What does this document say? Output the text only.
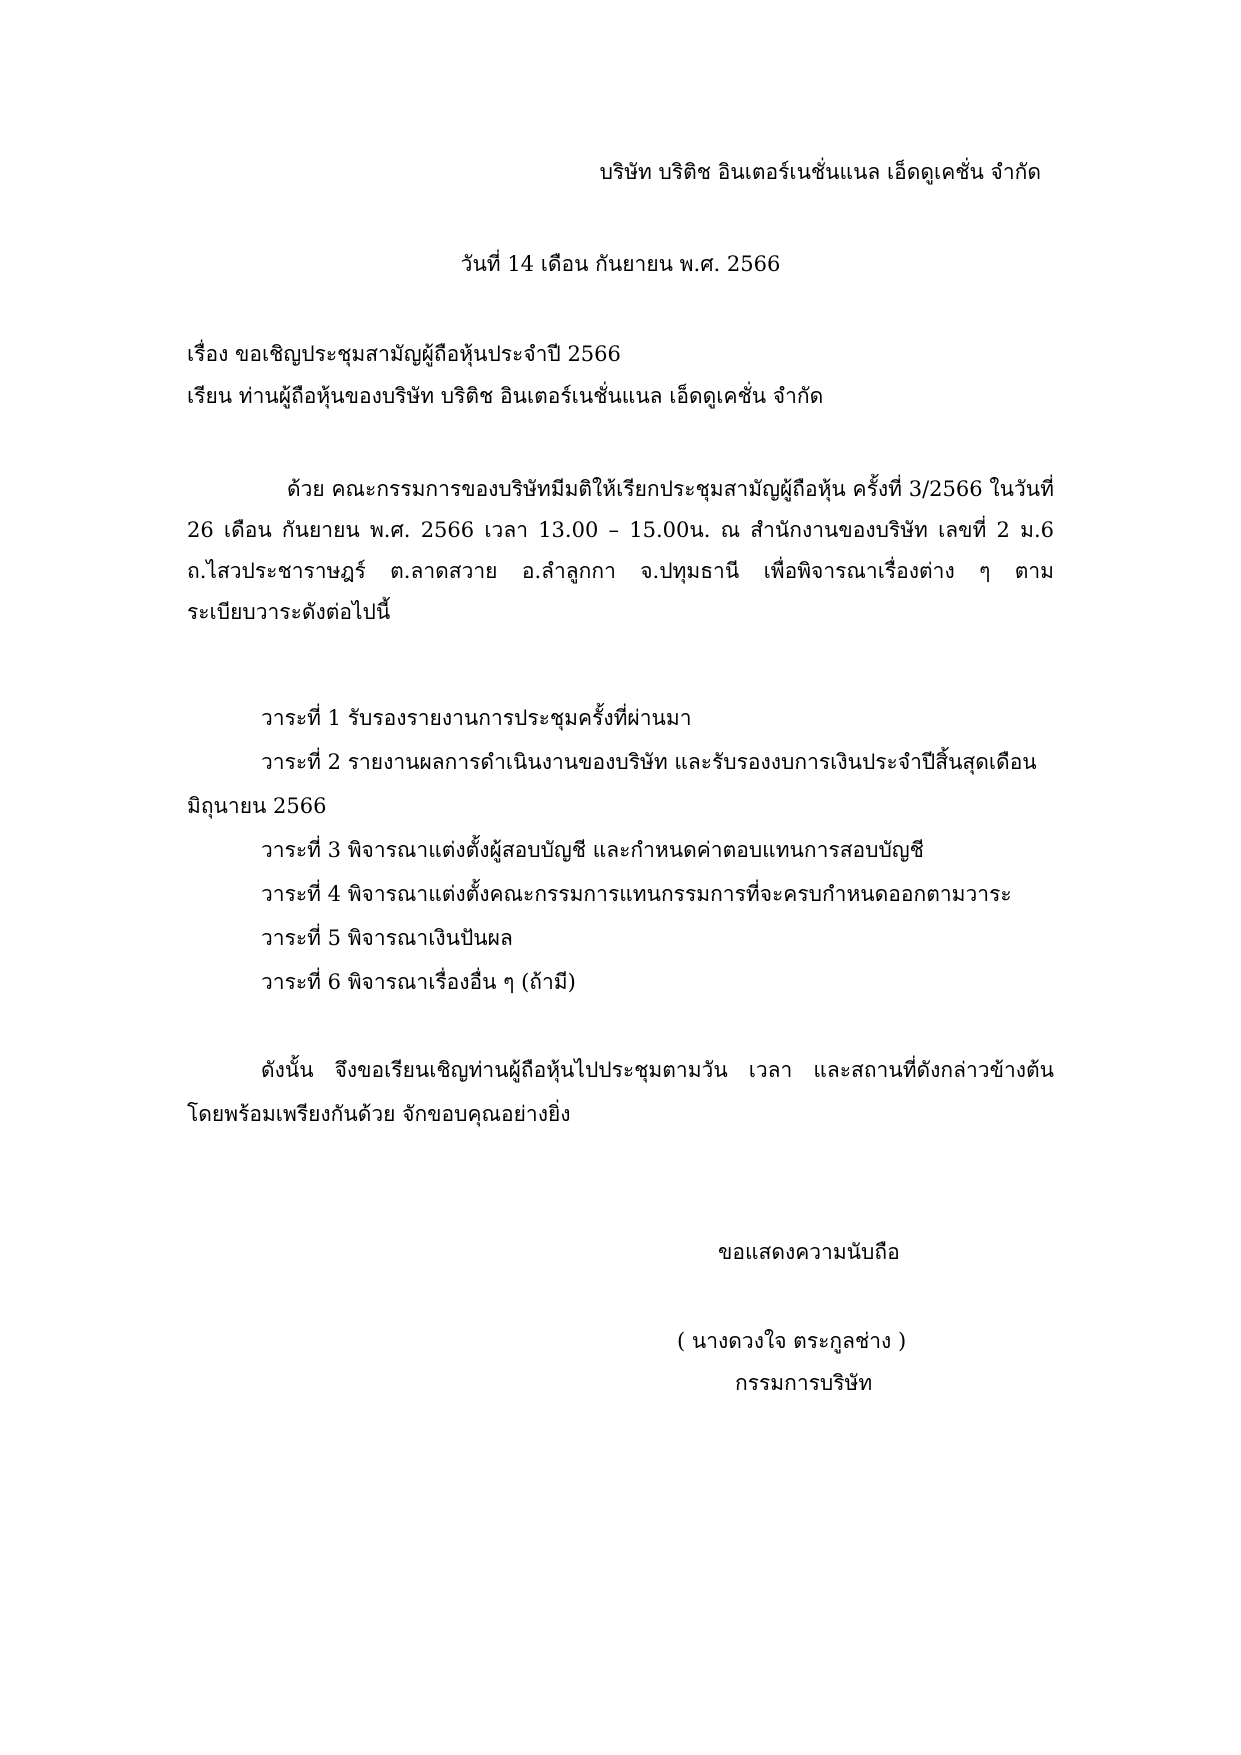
บริษัท บริติช อินเตอร์เนชั่นแนล เอ็ดดูเคชั่น จำกัด
วันที่ 14 เดือน กันยายน พ.ศ. 2566
เรื่อง ขอเชิญประชุมสามัญผู้ถือหุ้นประจำปี 2566
เรียน ท่านผู้ถือหุ้นของบริษัท บริติช อินเตอร์เนชั่นแนล เอ็ดดูเคชั่น จำกัด
ด้วย คณะกรรมการของบริษัทมีมติให้เรียกประชุมสามัญผู้ถือหุ้น ครั้งที่ 3/2566 ในวันที่ 26 เดือน กันยายน พ.ศ. 2566 เวลา 13.00 – 15.00น. ณ สำนักงานของบริษัท เลขที่ 2 ม.6 ถ.ไสวประชาราษฎร์ ต.ลาดสวาย อ.ลำลูกกา จ.ปทุมธานี เพื่อพิจารณาเรื่องต่าง ๆ ตามระเบียบวาระดังต่อไปนี้
วาระที่ 1 รับรองรายงานการประชุมครั้งที่ผ่านมา
วาระที่ 2 รายงานผลการดำเนินงานของบริษัท และรับรองงบการเงินประจำปีสิ้นสุดเดือน
มิถุนายน 2566
วาระที่ 3 พิจารณาแต่งตั้งผู้สอบบัญชี และกำหนดค่าตอบแทนการสอบบัญชี
วาระที่ 4 พิจารณาแต่งตั้งคณะกรรมการแทนกรรมการที่จะครบกำหนดออกตามวาระ
วาระที่ 5 พิจารณาเงินปันผล
วาระที่ 6 พิจารณาเรื่องอื่น ๆ (ถ้ามี)
ดังนั้น จึงขอเรียนเชิญท่านผู้ถือหุ้นไปประชุมตามวัน เวลา และสถานที่ดังกล่าวข้างต้น โดยพร้อมเพรียงกันด้วย จักขอบคุณอย่างยิ่ง
ขอแสดงความนับถือ
( นางดวงใจ ตระกูลช่าง )
กรรมการบริษัท
